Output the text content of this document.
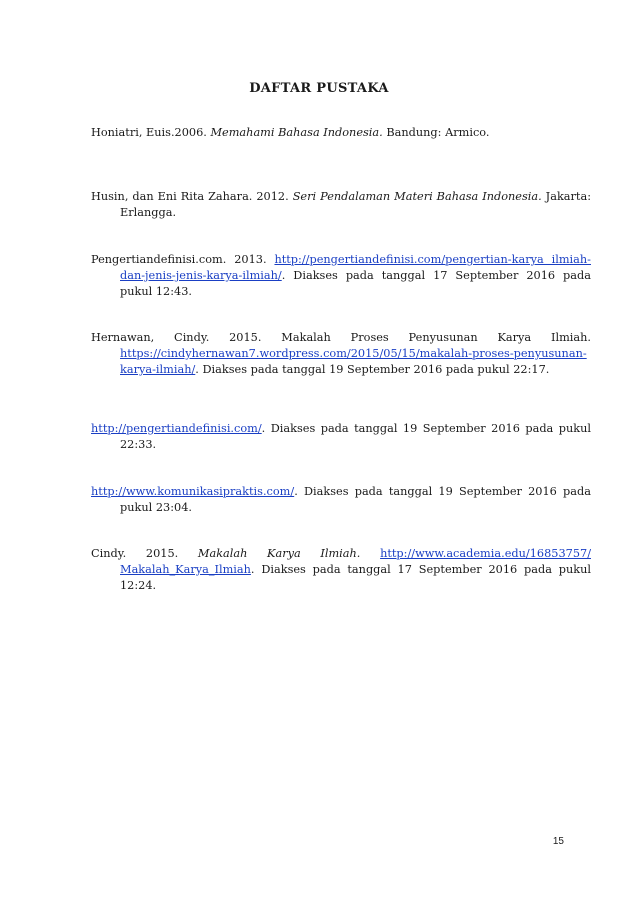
DAFTAR PUSTAKA

Honiatri, Euis.2006. Memahami Bahasa Indonesia. Bandung: Armico.

Husin, dan Eni Rita Zahara. 2012. Seri Pendalaman Materi Bahasa Indonesia. Jakarta: Erlangga.

Pengertiandefinisi.com. 2013. http://pengertiandefinisi.com/pengertian-karya ilmiah-dan-jenis-jenis-karya-ilmiah/. Diakses pada tanggal 17 September 2016 pada pukul 12:43.

Hernawan, Cindy. 2015. Makalah Proses Penyusunan Karya Ilmiah. https://cindyhernawan7.wordpress.com/2015/05/15/makalah-proses-penyusunan-karya-ilmiah/. Diakses pada tanggal 19 September 2016 pada pukul 22:17.

http://pengertiandefinisi.com/. Diakses pada tanggal 19 September 2016 pada pukul 22:33.

http://www.komunikasipraktis.com/. Diakses pada tanggal 19 September 2016 pada pukul 23:04.

Cindy. 2015. Makalah Karya Ilmiah. http://www.academia.edu/16853757/ Makalah_Karya_Ilmiah. Diakses pada tanggal 17 September 2016 pada pukul 12:24.

15
